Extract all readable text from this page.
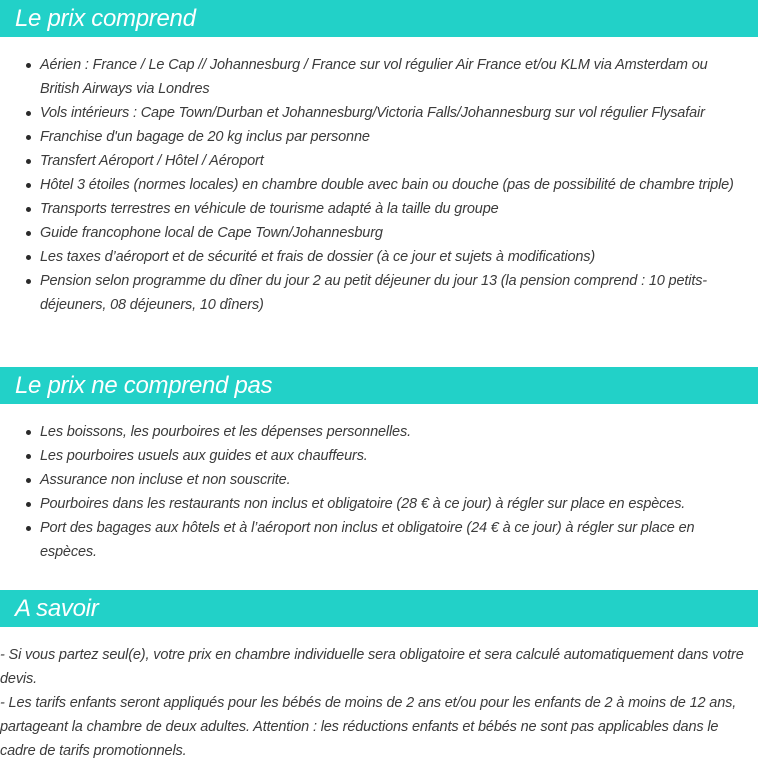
Le prix comprend
Aérien : France / Le Cap // Johannesburg / France sur vol régulier Air France et/ou KLM via Amsterdam ou British Airways via Londres
Vols intérieurs : Cape Town/Durban et Johannesburg/Victoria Falls/Johannesburg sur vol régulier Flysafair
Franchise d'un bagage de 20 kg inclus par personne
Transfert Aéroport / Hôtel / Aéroport
Hôtel 3 étoiles (normes locales) en chambre double avec bain ou douche (pas de possibilité de chambre triple)
Transports terrestres en véhicule de tourisme adapté à la taille du groupe
Guide francophone local de Cape Town/Johannesburg
Les taxes d’aéroport et de sécurité et frais de dossier (à ce jour et sujets à modifications)
Pension selon programme du dîner du jour 2 au petit déjeuner du jour 13 (la pension comprend : 10 petits-déjeuners, 08 déjeuners, 10 dîners)
Le prix ne comprend pas
Les boissons, les pourboires et les dépenses personnelles.
Les pourboires usuels aux guides et aux chauffeurs.
Assurance non incluse et non souscrite.
Pourboires dans les restaurants non inclus et obligatoire (28 € à ce jour) à régler sur place en espèces.
Port des bagages aux hôtels et à l’aéroport non inclus et obligatoire (24 € à ce jour) à régler sur place en espèces.
A savoir

- Si vous partez seul(e), votre prix en chambre individuelle sera obligatoire et sera calculé automatiquement dans votre devis.

- Les tarifs enfants seront appliqués pour les bébés de moins de 2 ans et/ou pour les enfants de 2 à moins de 12 ans, partageant la chambre de deux adultes. Attention : les réductions enfants et bébés ne sont pas applicables dans le cadre de tarifs promotionnels.
